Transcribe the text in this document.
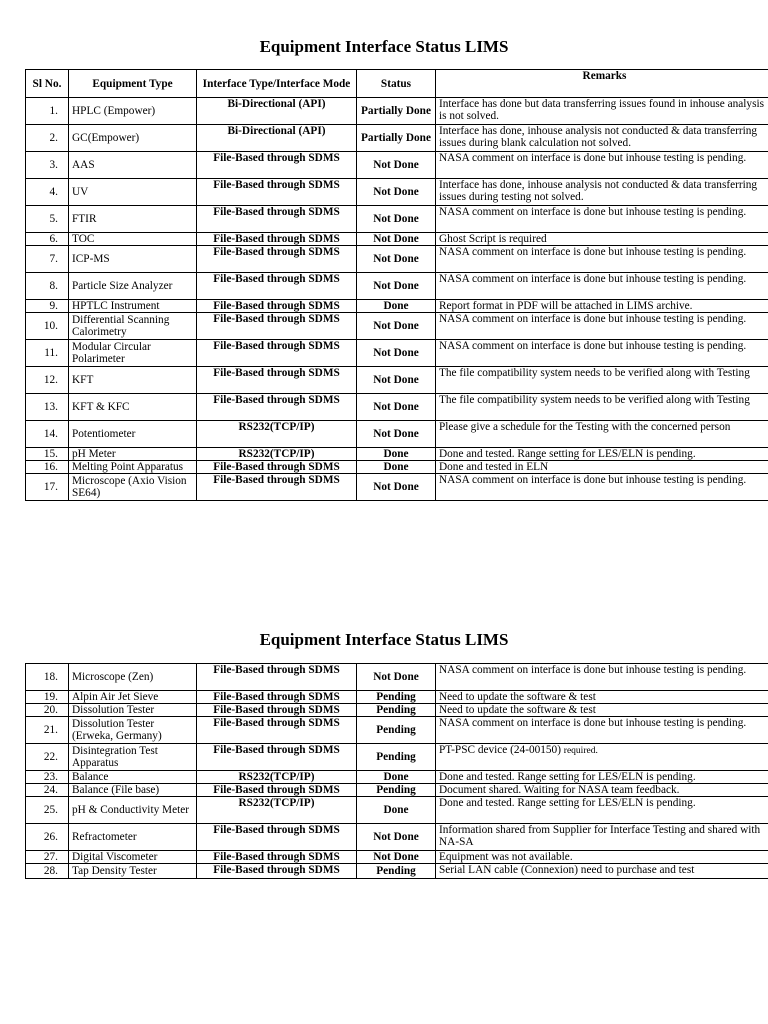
Equipment Interface Status LIMS
Sl No.	Equipment Type	Interface Type/Interface Mode	Status	Remarks
1.	HPLC (Empower)	Bi-Directional (API)	Partially Done	Interface has done but data transferring issues found in inhouse analysis is not solved.
2.	GC(Empower)	Bi-Directional (API)	Partially Done	Interface has done, inhouse analysis not conducted & data transferring issues during blank calculation not solved.
3.	AAS	File-Based through SDMS	Not Done	NASA comment on interface is done but inhouse testing is pending.
4.	UV	File-Based through SDMS	Not Done	Interface has done, inhouse analysis not conducted & data transferring issues during testing not solved.
5.	FTIR	File-Based through SDMS	Not Done	NASA comment on interface is done but inhouse testing is pending.
6.	TOC	File-Based through SDMS	Not Done	Ghost Script is required
7.	ICP-MS	File-Based through SDMS	Not Done	NASA comment on interface is done but inhouse testing is pending.
8.	Particle Size Analyzer	File-Based through SDMS	Not Done	NASA comment on interface is done but inhouse testing is pending.
9.	HPTLC Instrument	File-Based through SDMS	Done	Report format in PDF will be attached in LIMS archive.
10.	Differential Scanning Calorimetry	File-Based through SDMS	Not Done	NASA comment on interface is done but inhouse testing is pending.
11.	Modular Circular Polarimeter	File-Based through SDMS	Not Done	NASA comment on interface is done but inhouse testing is pending.
12.	KFT	File-Based through SDMS	Not Done	The file compatibility system needs to be verified along with Testing
13.	KFT & KFC	File-Based through SDMS	Not Done	The file compatibility system needs to be verified along with Testing
14.	Potentiometer	RS232(TCP/IP)	Not Done	Please give a schedule for the Testing with the concerned person
15.	pH Meter	RS232(TCP/IP)	Done	Done and tested. Range setting for LES/ELN is pending.
16.	Melting Point Apparatus	File-Based through SDMS	Done	Done and tested in ELN
17.	Microscope (Axio Vision SE64)	File-Based through SDMS	Not Done	NASA comment on interface is done but inhouse testing is pending.
Equipment Interface Status LIMS
18.	Microscope (Zen)	File-Based through SDMS	Not Done	NASA comment on interface is done but inhouse testing is pending.
19.	Alpin Air Jet Sieve	File-Based through SDMS	Pending	Need to update the software & test
20.	Dissolution Tester	File-Based through SDMS	Pending	Need to update the software & test
21.	Dissolution Tester (Erweka, Germany)	File-Based through SDMS	Pending	NASA comment on interface is done but inhouse testing is pending.
22.	Disintegration Test Apparatus	File-Based through SDMS	Pending	PT-PSC device (24-00150) required.
23.	Balance	RS232(TCP/IP)	Done	Done and tested. Range setting for LES/ELN is pending.
24.	Balance (File base)	File-Based through SDMS	Pending	Document shared. Waiting for NASA team feedback.
25.	pH & Conductivity Meter	RS232(TCP/IP)	Done	Done and tested. Range setting for LES/ELN is pending.
26.	Refractometer	File-Based through SDMS	Not Done	Information shared from Supplier for Interface Testing and shared with NA-SA
27.	Digital Viscometer	File-Based through SDMS	Not Done	Equipment was not available.
28.	Tap Density Tester	File-Based through SDMS	Pending	Serial LAN cable (Connexion) need to purchase and test
